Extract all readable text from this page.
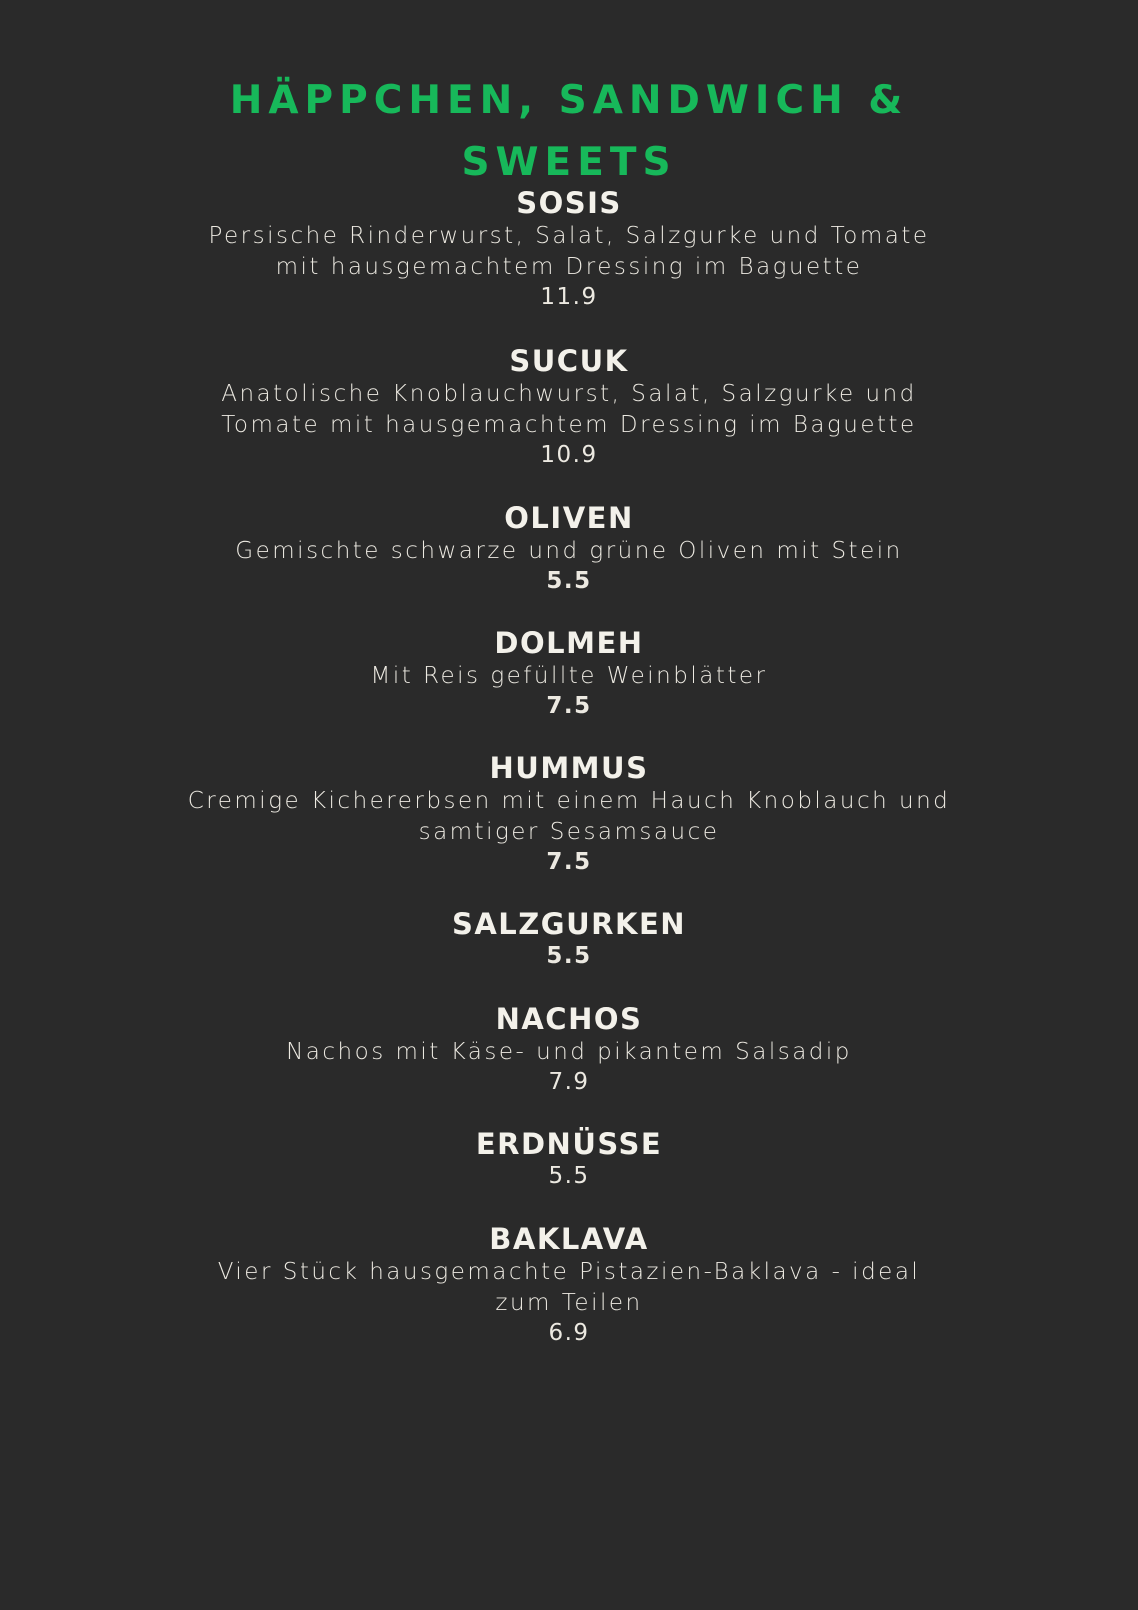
HÄPPCHEN, SANDWICH & SWEETS
SOSIS
Persische Rinderwurst, Salat, Salzgurke und Tomate mit hausgemachtem Dressing im Baguette
11.9
SUCUK
Anatolische Knoblauchwurst, Salat, Salzgurke und Tomate mit hausgemachtem Dressing im Baguette
10.9
OLIVEN
Gemischte schwarze und grüne Oliven mit Stein
5.5
DOLMEH
Mit Reis gefüllte Weinblätter
7.5
HUMMUS
Cremige Kichererbsen mit einem Hauch Knoblauch und samtiger Sesamsauce
7.5
SALZGURKEN
5.5
NACHOS
Nachos mit Käse- und pikantem Salsadip
7.9
ERDNÜSSE
5.5
BAKLAVA
Vier Stück hausgemachte Pistazien-Baklava - ideal zum Teilen
6.9
